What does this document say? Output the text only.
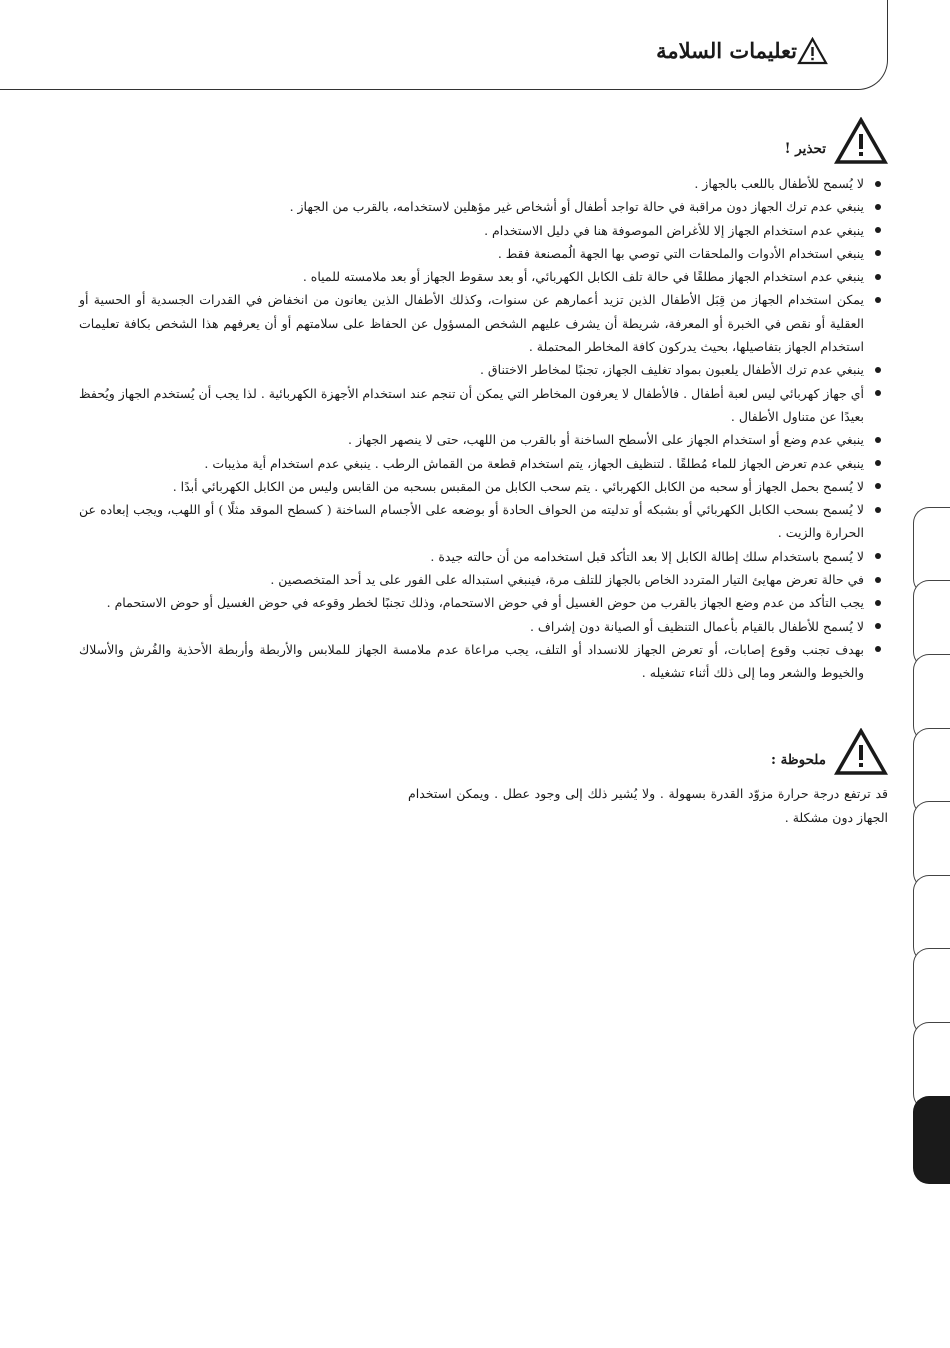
تعليمات السلامة
تحذير !
لا يُسمح للأطفال باللعب بالجهاز .
ينبغي عدم ترك الجهاز دون مراقبة في حالة تواجد أطفال أو أشخاص غير مؤهلين لاستخدامه، بالقرب من الجهاز .
ينبغي عدم استخدام الجهاز إلا للأغراض الموصوفة هنا في دليل الاستخدام .
ينبغي استخدام الأدوات والملحقات التي توصي بها الجهة الُمصنعة فقط .
ينبغي عدم استخدام الجهاز مطلقًا في حالة تلف الكابل الكهربائي، أو بعد سقوط الجهاز أو بعد ملامسته للمياه .
يمكن استخدام الجهاز من قِبَل الأطفال الذين تزيد أعمارهم عن سنوات، وكذلك الأطفال الذين يعانون من انخفاض في القدرات الجسدية أو الحسية أو العقلية أو نقص في الخبرة أو المعرفة، شريطة أن يشرف عليهم الشخص المسؤول عن الحفاظ على سلامتهم أو أن يعرفهم هذا الشخص بكافة تعليمات استخدام الجهاز بتفاصيلها، بحيث يدركون كافة المخاطر المحتملة .
ينبغي عدم ترك الأطفال يلعبون بمواد تغليف الجهاز، تجنبًا لمخاطر الاختناق .
أي جهاز كهربائي ليس لعبة أطفال . فالأطفال لا يعرفون المخاطر التي يمكن أن تنجم عند استخدام الأجهزة الكهربائية . لذا يجب أن يُستخدم الجهاز ويُحفظ بعيدًا عن متناول الأطفال .
ينبغي عدم وضع أو استخدام الجهاز على الأسطح الساخنة أو بالقرب من اللهب، حتى لا ينصهر الجهاز .
ينبغي عدم تعرض الجهاز للماء مُطلقًا . لتنظيف الجهاز، يتم استخدام قطعة من القماش الرطب . ينبغي عدم استخدام أية مذيبات .
لا يُسمح بحمل الجهاز أو سحبه من الكابل الكهربائي . يتم سحب الكابل من المقبس بسحبه من القابس وليس من الكابل الكهربائي أبدًا .
لا يُسمح بسحب الكابل الكهربائي أو بشبكه أو تدليته من الحواف الحادة أو بوضعه على الأجسام الساخنة ( كسطح الموقد مثلًا ) أو اللهب، ويجب إبعاده عن الحرارة والزيت .
لا يُسمح باستخدام سلك إطالة الكابل إلا بعد التأكد قبل استخدامه من أن حالته جيدة .
في حالة تعرض مهايئ التيار المتردد الخاص بالجهاز للتلف مرة، فينبغي استبداله على الفور على يد أحد المتخصصين .
يجب التأكد من عدم وضع الجهاز بالقرب من حوض الغسيل أو في حوض الاستحمام، وذلك تجنبًا لخطر وقوعه في حوض الغسيل أو حوض الاستحمام .
لا يُسمح للأطفال بالقيام بأعمال التنظيف أو الصيانة دون إشراف .
بهدف تجنب وقوع إصابات، أو تعرض الجهاز للانسداد أو التلف، يجب مراعاة عدم ملامسة الجهاز للملابس والأربطة وأربطة الأحذية والفُرش والأسلاك والخيوط والشعر وما إلى ذلك أثناء تشغيله .
ملحوظة :
قد ترتفع درجة حرارة مزوّد القدرة بسهولة . ولا يُشير ذلك إلى وجود عطل . ويمكن استخدام الجهاز دون مشكلة .
